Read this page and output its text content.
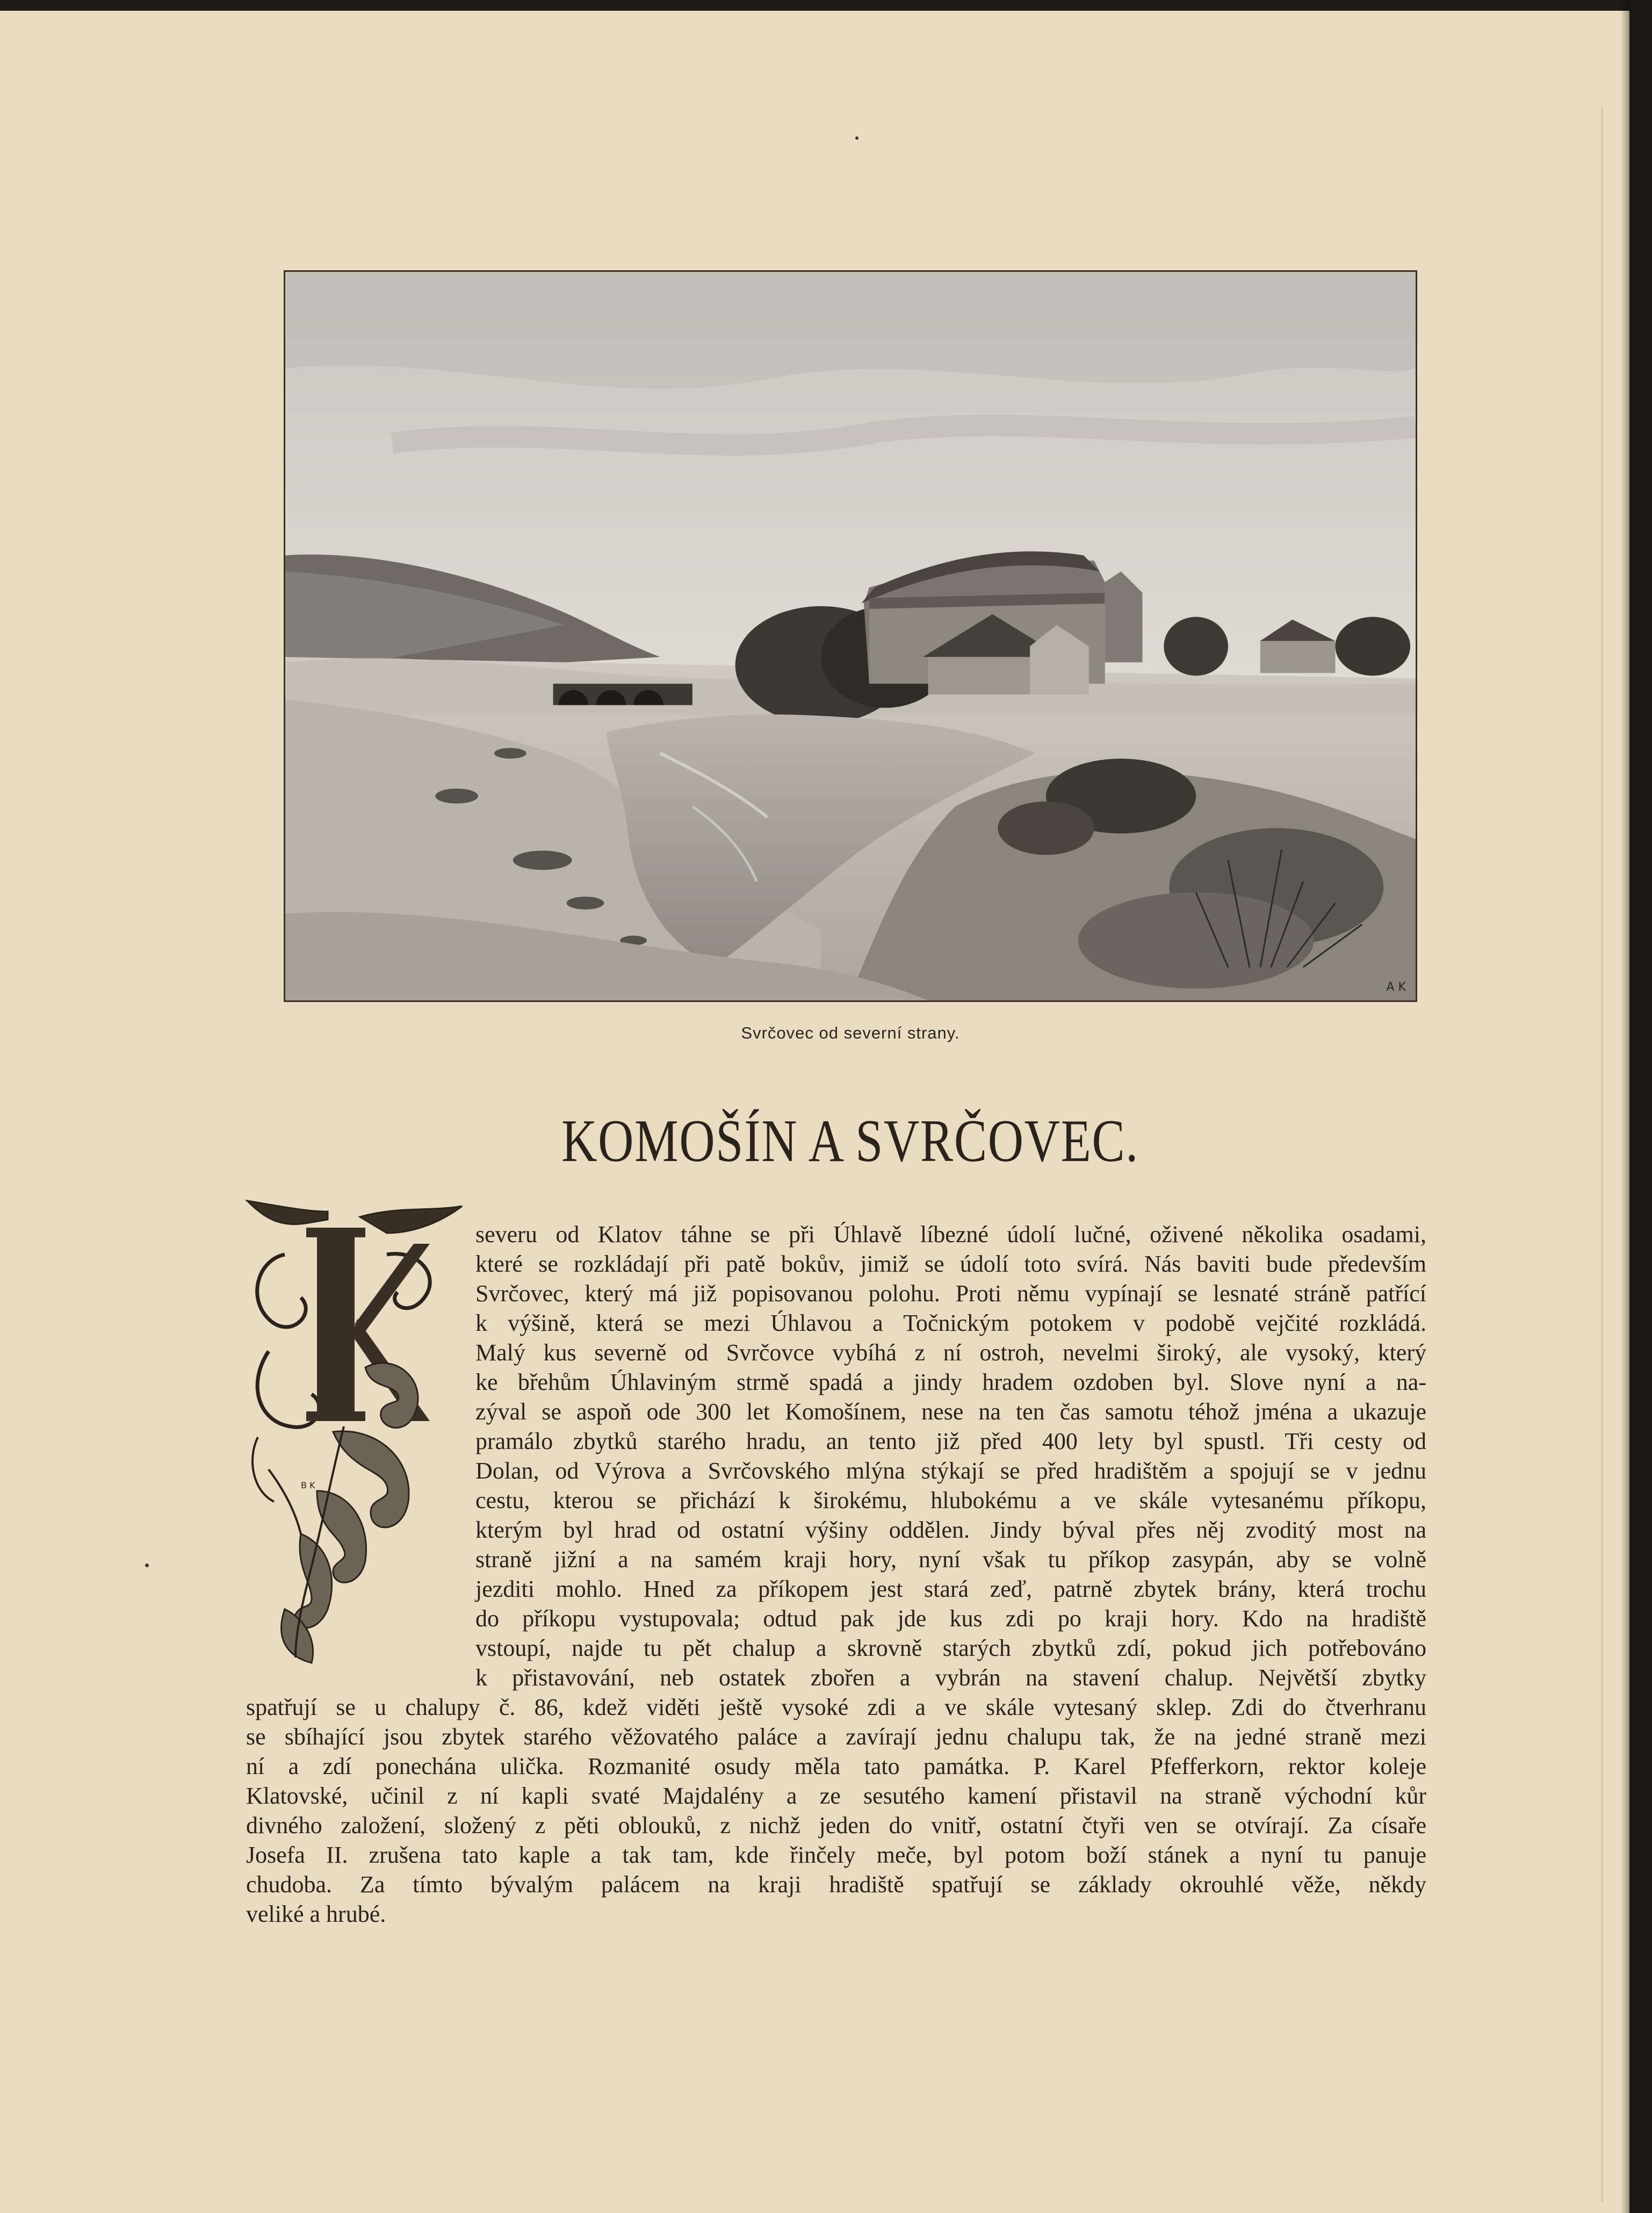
A K
Svrčovec od severní strany.
KOMOŠÍN A SVRČOVEC.
B K
severu od Klatov táhne se při Úhlavě líbezné údolí lučné, oživené několika osadami,
které se rozkládají při patě bokův, jimiž se údolí toto svírá. Nás baviti bude především
Svrčovec, který má již popisovanou polohu. Proti němu vypínají se lesnaté stráně patřící
k výšině, která se mezi Úhlavou a Točnickým potokem v podobě vejčité rozkládá.
Malý kus severně od Svrčovce vybíhá z ní ostroh, nevelmi široký, ale vysoký, který
ke břehům Úhlaviným strmě spadá a jindy hradem ozdoben byl. Slove nyní a na-
zýval se aspoň ode 300 let Komošínem, nese na ten čas samotu téhož jména a ukazuje
pramálo zbytků starého hradu, an tento již před 400 lety byl spustl. Tři cesty od
Dolan, od Výrova a Svrčovského mlýna stýkají se před hradištěm a spojují se v jednu
cestu, kterou se přichází k širokému, hlubokému a ve skále vytesanému příkopu,
kterým byl hrad od ostatní výšiny oddělen. Jindy býval přes něj zvoditý most na
straně jižní a na samém kraji hory, nyní však tu příkop zasypán, aby se volně
jezditi mohlo. Hned za příkopem jest stará zeď, patrně zbytek brány, která trochu
do příkopu vystupovala; odtud pak jde kus zdi po kraji hory. Kdo na hradiště
vstoupí, najde tu pět chalup a skrovně starých zbytků zdí, pokud jich potřebováno
k přistavování, neb ostatek zbořen a vybrán na stavení chalup. Největší zbytky
spatřují se u chalupy č. 86, kdež viděti ještě vysoké zdi a ve skále vytesaný sklep. Zdi do čtverhranu
se sbíhající jsou zbytek starého věžovatého paláce a zavírají jednu chalupu tak, že na jedné straně mezi
ní a zdí ponechána ulička. Rozmanité osudy měla tato památka. P. Karel Pfefferkorn, rektor koleje
Klatovské, učinil z ní kapli svaté Majdalény a ze sesutého kamení přistavil na straně východní kůr
divného založení, složený z pěti oblouků, z nichž jeden do vnitř, ostatní čtyři ven se otvírají. Za císaře
Josefa II. zrušena tato kaple a tak tam, kde řinčely meče, byl potom boží stánek a nyní tu panuje
chudoba. Za tímto bývalým palácem na kraji hradiště spatřují se základy okrouhlé věže, někdy
veliké a hrubé.
